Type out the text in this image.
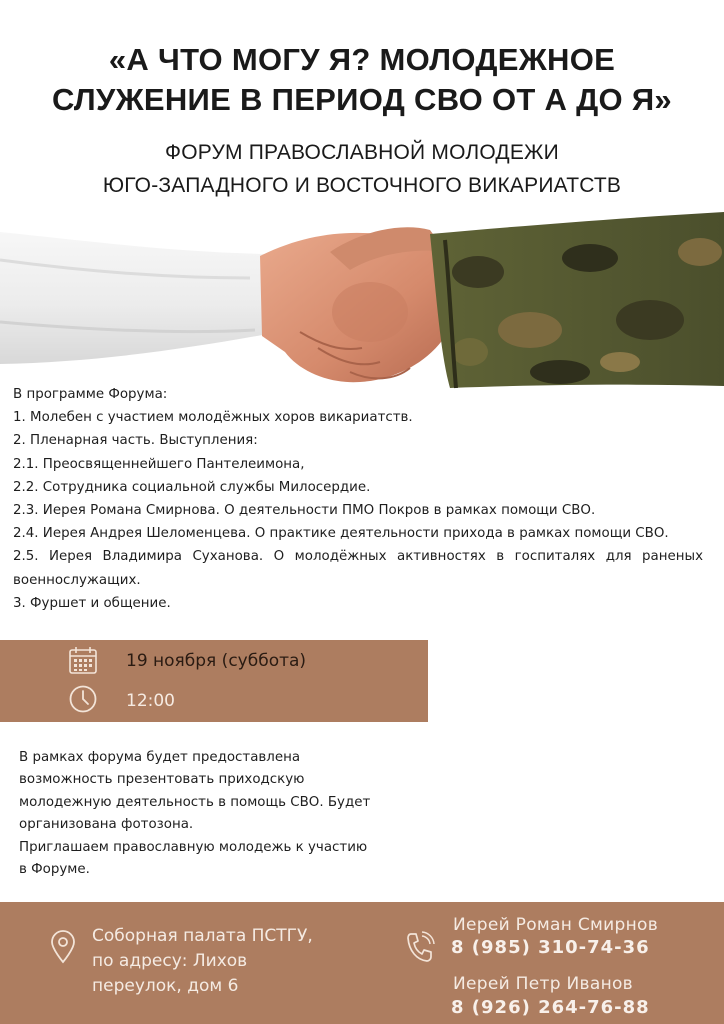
«А ЧТО МОГУ Я? МОЛОДЕЖНОЕ
СЛУЖЕНИЕ В ПЕРИОД СВО ОТ А ДО Я»
ФОРУМ ПРАВОСЛАВНОЙ МОЛОДЕЖИ
ЮГО-ЗАПАДНОГО И ВОСТОЧНОГО ВИКАРИАТСТВ
В программе Форума:
1. Молебен с участием молодёжных хоров викариатств.
2. Пленарная часть. Выступления:
2.1. Преосвященнейшего Пантелеимона,
2.2. Сотрудника социальной службы Милосердие.
2.3. Иерея Романа Смирнова. О деятельности ПМО Покров в рамках помощи СВО.
2.4. Иерея Андрея Шеломенцева. О практике деятельности прихода в рамках помощи СВО.
2.5. Иерея Владимира Суханова. О молодёжных активностях в госпиталях для раненых военнослужащих.
3. Фуршет и общение.
19 ноября (суббота)
12:00
В рамках форума будет предоставлена
возможность презентовать приходскую
молодежную деятельность в помощь СВО. Будет
организована фотозона.
Приглашаем православную молодежь к участию
в Форуме.
Соборная палата ПСТГУ,
по адресу: Лихов
переулок, дом 6
Иерей Роман Смирнов
8 (985) 310-74-36
Иерей Петр Иванов
8 (926) 264-76-88
